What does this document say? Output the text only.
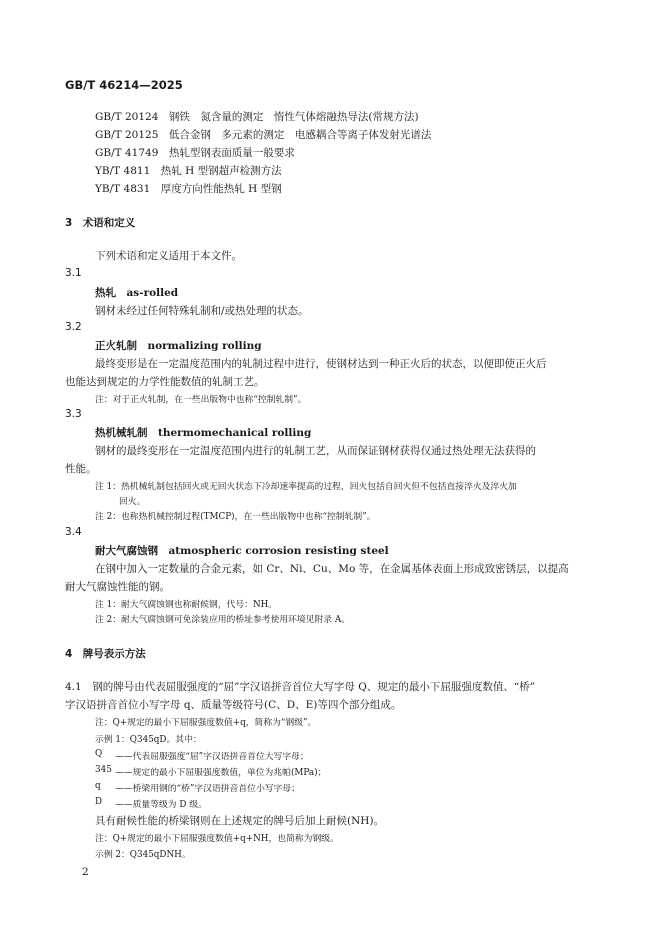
GB/T 46214—2025
GB/T 20124　钢铁　氮含量的测定　惰性气体熔融热导法(常规方法)
GB/T 20125　低合金钢　多元素的测定　电感耦合等离子体发射光谱法
GB/T 41749　热轧型钢表面质量一般要求
YB/T 4811　热轧 H 型钢超声检测方法
YB/T 4831　厚度方向性能热轧 H 型钢
3　术语和定义
下列术语和定义适用于本文件。
3.1
热轧　as-rolled
钢材未经过任何特殊轧制和/或热处理的状态。
3.2
正火轧制　normalizing rolling
最终变形是在一定温度范围内的轧制过程中进行，使钢材达到一种正火后的状态，以便即使正火后
也能达到规定的力学性能数值的轧制工艺。
注：对于正火轧制，在一些出版物中也称“控制轧制”。
3.3
热机械轧制　thermomechanical rolling
钢材的最终变形在一定温度范围内进行的轧制工艺，从而保证钢材获得仅通过热处理无法获得的
性能。
注 1：热机械轧制包括回火或无回火状态下冷却速率提高的过程，回火包括自回火但不包括直接淬火及淬火加
回火。
注 2：也称热机械控制过程(TMCP)，在一些出版物中也称“控制轧制”。
3.4
耐大气腐蚀钢　atmospheric corrosion resisting steel
在钢中加入一定数量的合金元素，如 Cr、Ni、Cu、Mo 等，在金属基体表面上形成致密锈层，以提高
耐大气腐蚀性能的钢。
注 1：耐大气腐蚀钢也称耐候钢，代号：NH。
注 2：耐大气腐蚀钢可免涂装应用的桥址参考使用环境见附录 A。
4　牌号表示方法
4.1　钢的牌号由代表屈服强度的“屈”字汉语拼音首位大写字母 Q、规定的最小下屈服强度数值、“桥”
字汉语拼音首位小写字母 q、质量等级符号(C、D、E)等四个部分组成。
注：Q+规定的最小下屈服强度数值+q，简称为“钢级”。
示例 1：Q345qD。其中：
Q ——代表屈服强度“屈”字汉语拼音首位大写字母；
345 ——规定的最小下屈服强度数值，单位为兆帕(MPa)；
q ——桥梁用钢的“桥”字汉语拼音首位小写字母；
D ——质量等级为 D 级。
具有耐候性能的桥梁钢则在上述规定的牌号后加上耐候(NH)。
注：Q+规定的最小下屈服强度数值+q+NH，也简称为钢级。
示例 2：Q345qDNH。
2
